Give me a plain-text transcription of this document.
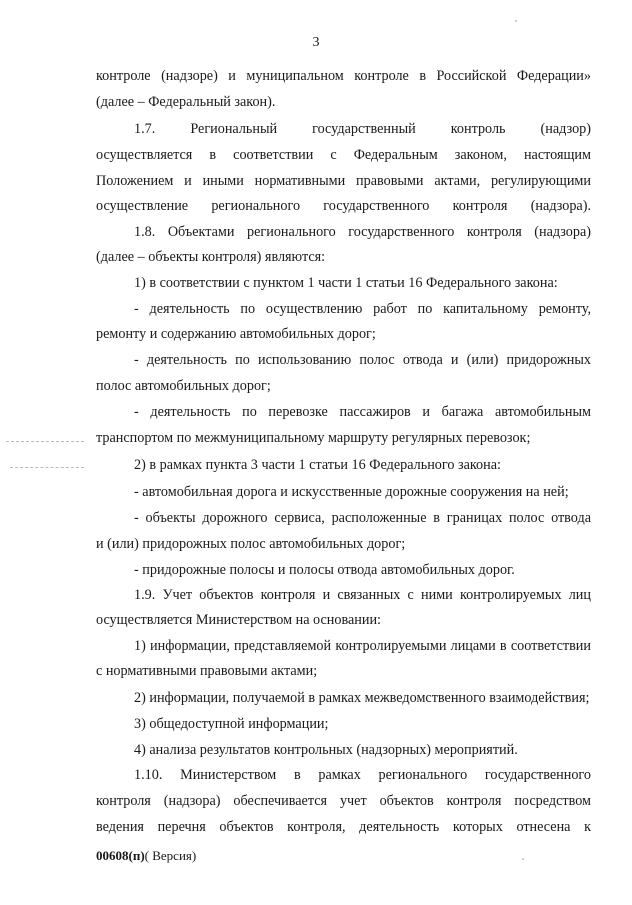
3
контроле (надзоре) и муниципальном контроле в Российской Федерации»
(далее – Федеральный закон).
1.7. Региональный государственный контроль (надзор)
осуществляется в соответствии с Федеральным законом, настоящим
Положением и иными нормативными правовыми актами, регулирующими
осуществление регионального государственного контроля (надзора).
1.8. Объектами регионального государственного контроля (надзора)
(далее – объекты контроля) являются:
1) в соответствии с пунктом 1 части 1 статьи 16 Федерального закона:
- деятельность по осуществлению работ по капитальному ремонту,
ремонту и содержанию автомобильных дорог;
- деятельность по использованию полос отвода и (или) придорожных
полос автомобильных дорог;
- деятельность по перевозке пассажиров и багажа автомобильным
транспортом по межмуниципальному маршруту регулярных перевозок;
2) в рамках пункта 3 части 1 статьи 16 Федерального закона:
- автомобильная дорога и искусственные дорожные сооружения на ней;
- объекты дорожного сервиса, расположенные в границах полос отвода
и (или) придорожных полос автомобильных дорог;
- придорожные полосы и полосы отвода автомобильных дорог.
1.9. Учет объектов контроля и связанных с ними контролируемых лиц
осуществляется Министерством на основании:
1) информации, представляемой контролируемыми лицами в соответствии
с нормативными правовыми актами;
2) информации, получаемой в рамках межведомственного взаимодействия;
3) общедоступной информации;
4) анализа результатов контрольных (надзорных) мероприятий.
1.10. Министерством в рамках регионального государственного
контроля (надзора) обеспечивается учет объектов контроля посредством
ведения перечня объектов контроля, деятельность которых отнесена к
00608(п)( Версия)
